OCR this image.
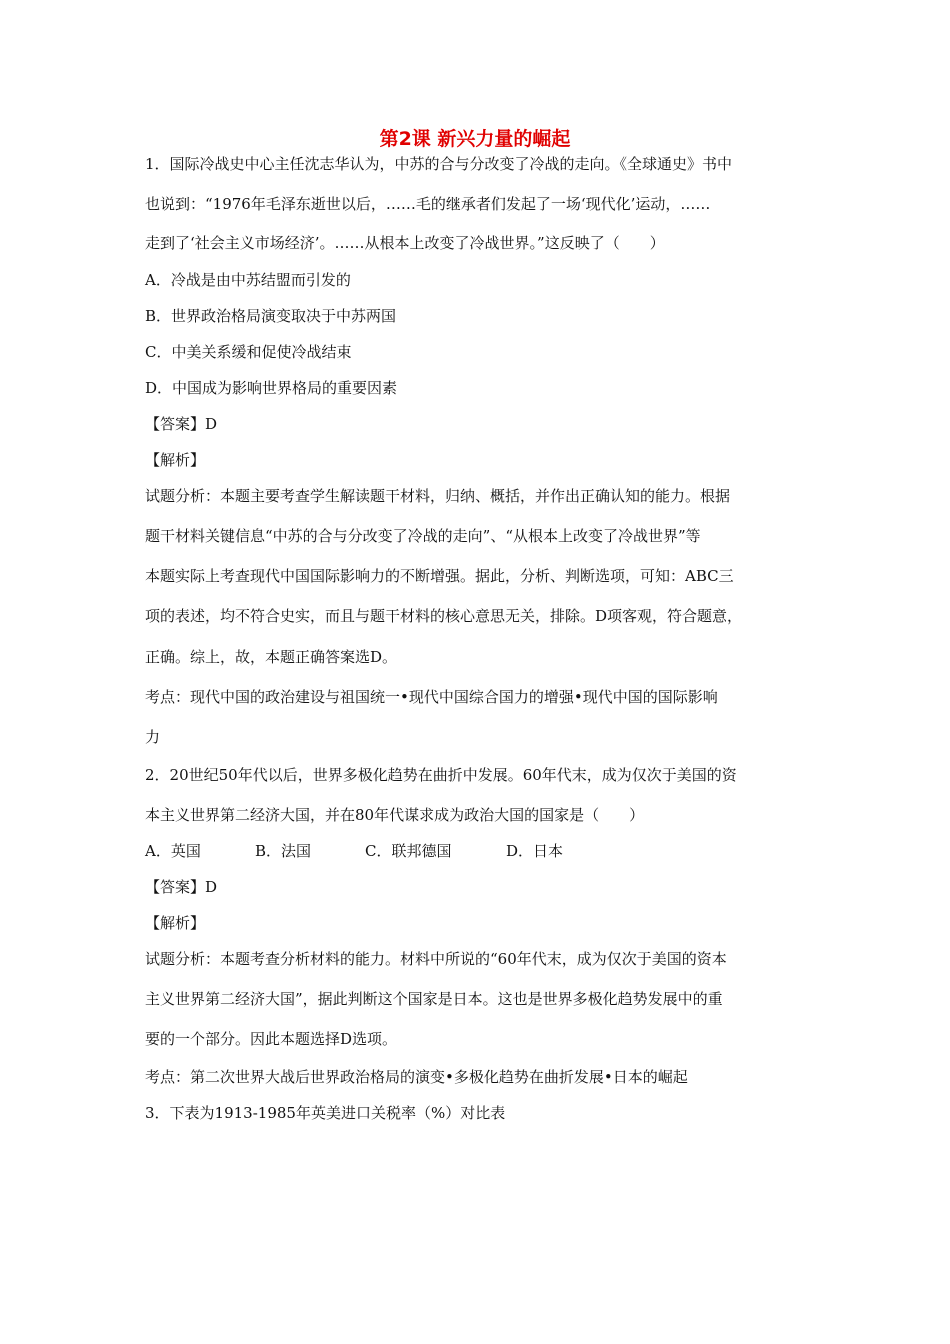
第2课 新兴力量的崛起
1．国际冷战史中心主任沈志华认为，中苏的合与分改变了冷战的走向。《全球通史》书中
也说到：“1976年毛泽东逝世以后，……毛的继承者们发起了一场‘现代化’运动，……
走到了‘社会主义市场经济’。……从根本上改变了冷战世界。”这反映了（　　）
A．冷战是由中苏结盟而引发的
B．世界政治格局演变取决于中苏两国
C．中美关系缓和促使冷战结束
D．中国成为影响世界格局的重要因素
【答案】D
【解析】
试题分析：本题主要考查学生解读题干材料，归纳、概括，并作出正确认知的能力。根据
题干材料关键信息“中苏的合与分改变了冷战的走向”、“从根本上改变了冷战世界”等
本题实际上考查现代中国国际影响力的不断增强。据此，分析、判断选项，可知：ABC三
项的表述，均不符合史实，而且与题干材料的核心意思无关，排除。D项客观，符合题意，
正确。综上，故，本题正确答案选D。
考点：现代中国的政治建设与祖国统一•现代中国综合国力的增强•现代中国的国际影响
力
2．20世纪50年代以后，世界多极化趋势在曲折中发展。60年代末，成为仅次于美国的资
本主义世界第二经济大国，并在80年代谋求成为政治大国的国家是（　　）
A．英国	B．法国	C．联邦德国	D．日本
【答案】D
【解析】
试题分析：本题考查分析材料的能力。材料中所说的“60年代末，成为仅次于美国的资本
主义世界第二经济大国”，据此判断这个国家是日本。这也是世界多极化趋势发展中的重
要的一个部分。因此本题选择D选项。
考点：第二次世界大战后世界政治格局的演变•多极化趋势在曲折发展•日本的崛起
3．下表为1913-1985年英美进口关税率（%）对比表
